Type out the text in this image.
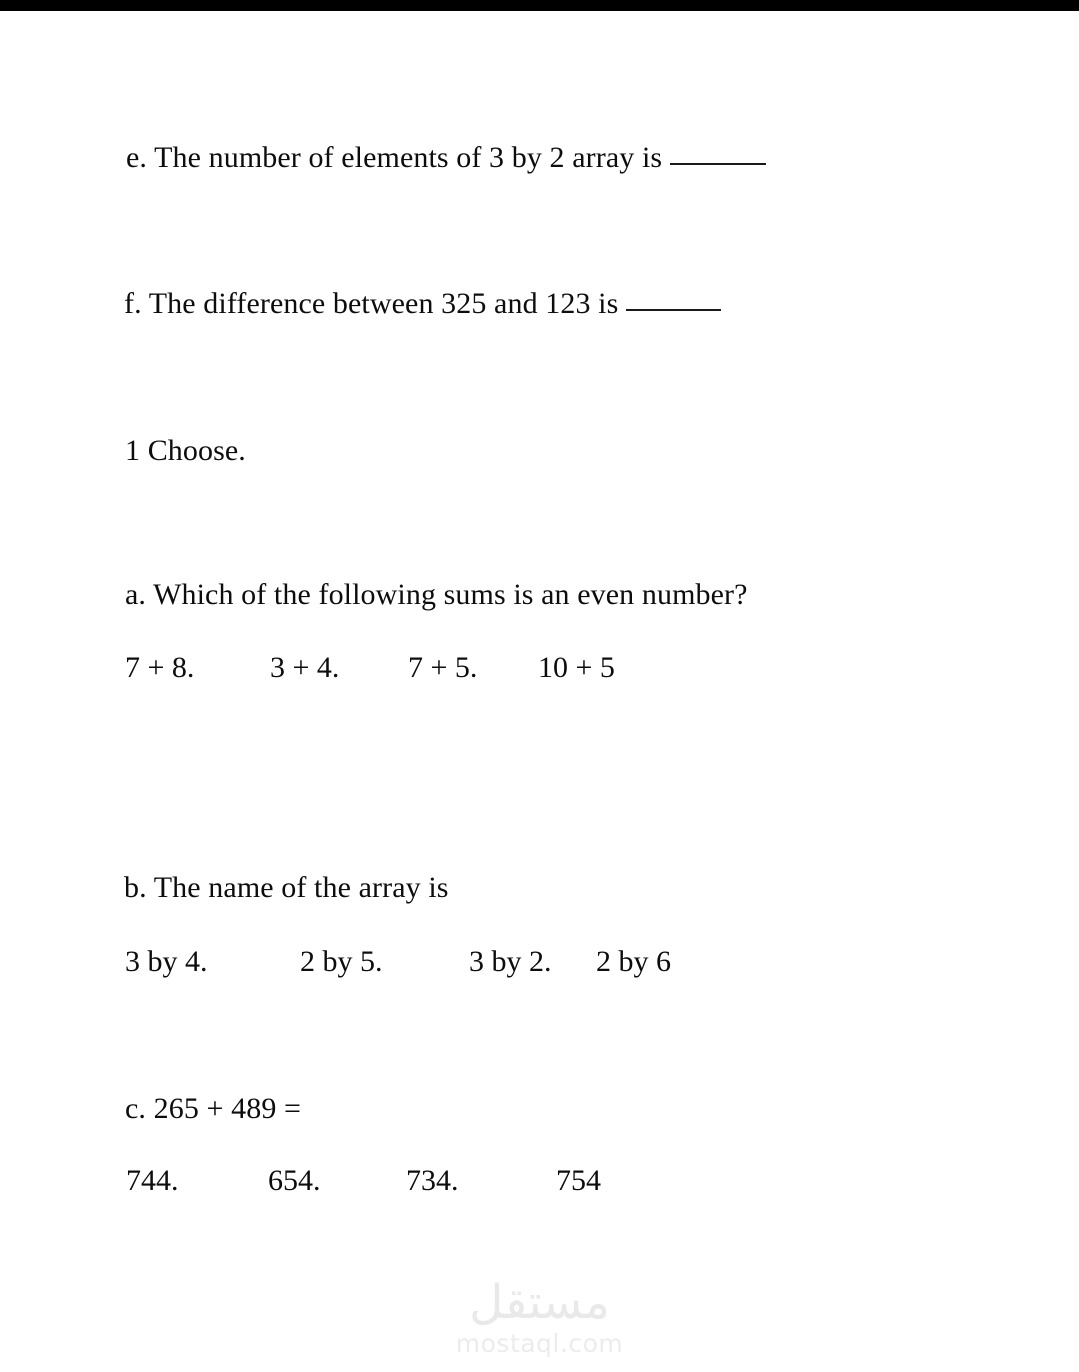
e. The number of elements of 3 by 2 array is
f. The difference between 325 and 123 is
1 Choose.
a. Which of the following sums is an even number?
7 + 8.	3 + 4. 7 + 5. 10 + 5
b. The name of the array is
3 by 4.	2 by 5.	3 by 2. 2 by 6
c. 265 + 489 =
744.	654.	734.	754
مستقل
mostaql.com
